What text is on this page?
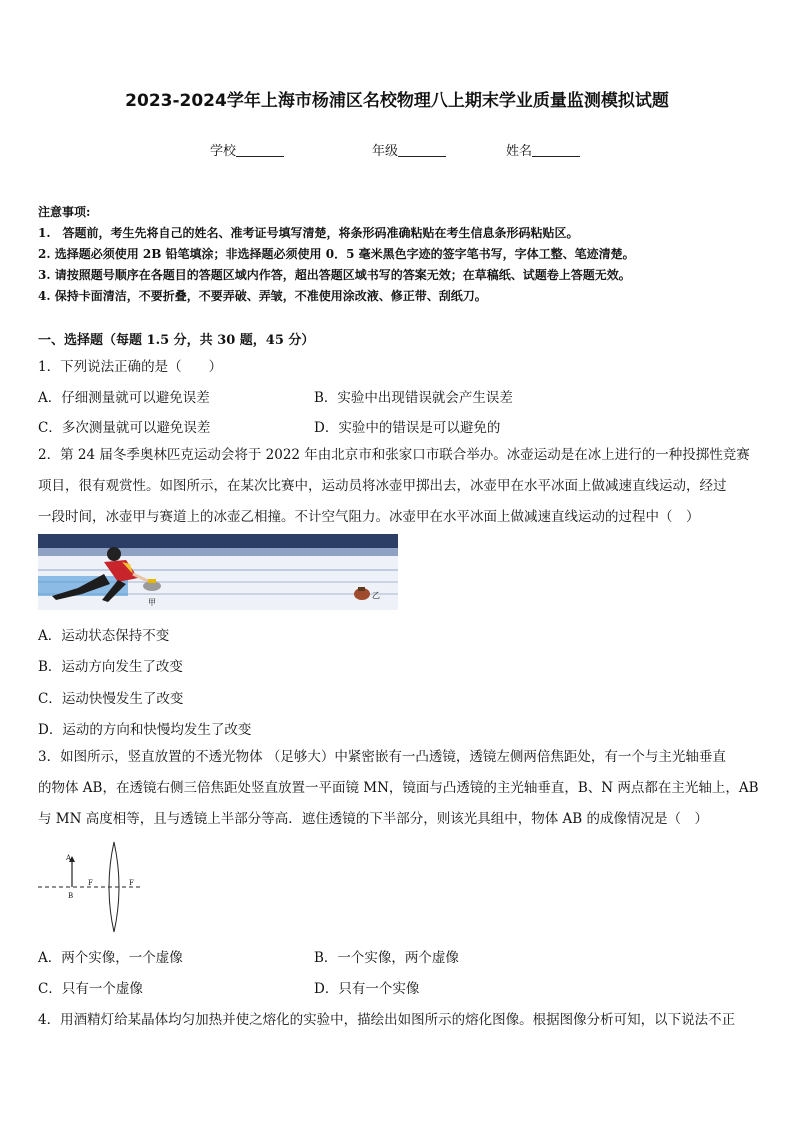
2023-2024学年上海市杨浦区名校物理八上期末学业质量监测模拟试题
学校	年级	姓名
注意事项:
1.　答题前，考生先将自己的姓名、准考证号填写清楚，将条形码准确粘贴在考生信息条形码粘贴区。
2. 选择题必须使用 2B 铅笔填涂；非选择题必须使用 0．5 毫米黑色字迹的签字笔书写，字体工整、笔迹清楚。
3. 请按照题号顺序在各题目的答题区域内作答，超出答题区域书写的答案无效；在草稿纸、试题卷上答题无效。
4. 保持卡面清洁，不要折叠，不要弄破、弄皱，不准使用涂改液、修正带、刮纸刀。
一、选择题（每题 1.5 分，共 30 题，45 分）
1．下列说法正确的是（　　）
A．仔细测量就可以避免误差	B．实验中出现错误就会产生误差
C．多次测量就可以避免误差	D．实验中的错误是可以避免的
2．第 24 届冬季奥林匹克运动会将于 2022 年由北京市和张家口市联合举办。冰壶运动是在冰上进行的一种投掷性竞赛
项目，很有观赏性。如图所示，在某次比赛中，运动员将冰壶甲掷出去，冰壶甲在水平冰面上做减速直线运动，经过
一段时间，冰壶甲与赛道上的冰壶乙相撞。不计空气阻力。冰壶甲在水平冰面上做减速直线运动的过程中（　）
甲
乙
A．运动状态保持不变
B．运动方向发生了改变
C．运动快慢发生了改变
D．运动的方向和快慢均发生了改变
3．如图所示，竖直放置的不透光物体 （足够大）中紧密嵌有一凸透镜，透镜左侧两倍焦距处，有一个与主光轴垂直
的物体 AB，在透镜右侧三倍焦距处竖直放置一平面镜 MN，镜面与凸透镜的主光轴垂直，B、N 两点都在主光轴上，AB
与 MN 高度相等，且与透镜上半部分等高．遮住透镜的下半部分，则该光具组中，物体 AB 的成像情况是（　）
A
B
F	F
A．两个实像，一个虚像	B．一个实像，两个虚像
C．只有一个虚像	D．只有一个实像
4．用酒精灯给某晶体均匀加热并使之熔化的实验中，描绘出如图所示的熔化图像。根据图像分析可知，以下说法不正
